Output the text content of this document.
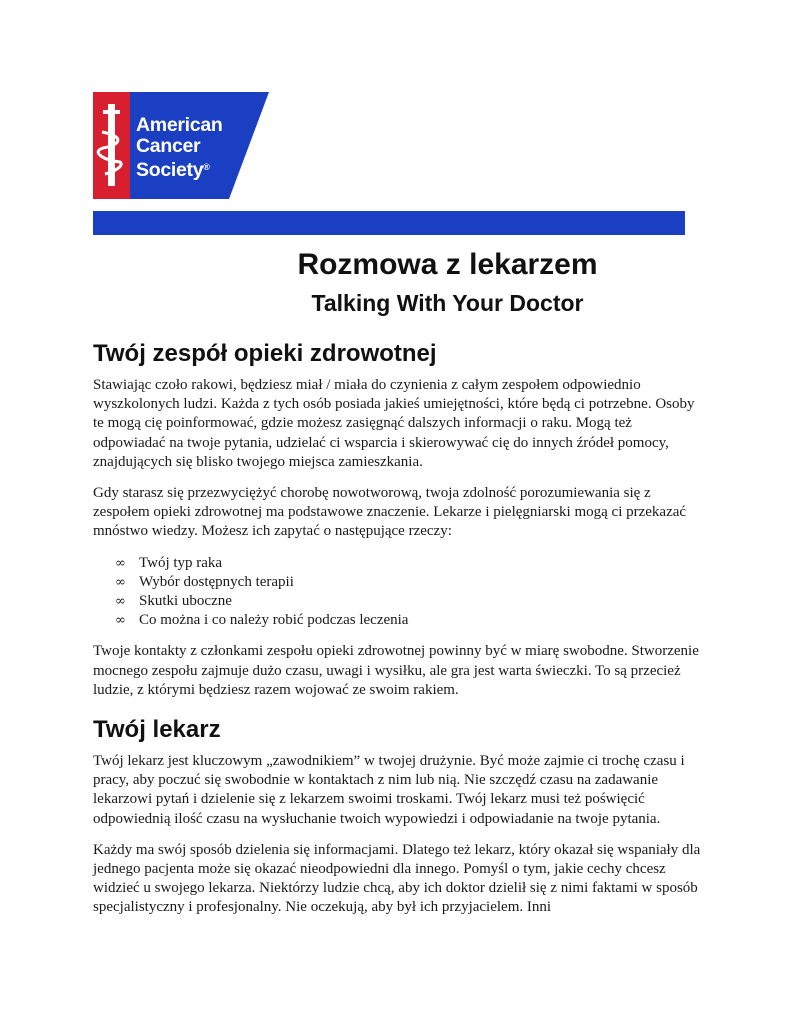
American
Cancer
Society®
Rozmowa z lekarzem
Talking With Your Doctor
Twój zespół opieki zdrowotnej

Stawiając czoło rakowi, będziesz miał / miała do czynienia z całym zespołem odpowiednio wyszkolonych ludzi. Każda z tych osób posiada jakieś umiejętności, które będą ci potrzebne. Osoby te mogą cię poinformować, gdzie możesz zasięgnąć dalszych informacji o raku. Mogą też odpowiadać na twoje pytania, udzielać ci wsparcia i skierowywać cię do innych źródeł pomocy, znajdujących się blisko twojego miejsca zamieszkania.

Gdy starasz się przezwyciężyć chorobę nowotworową, twoja zdolność porozumiewania się z zespołem opieki zdrowotnej ma podstawowe znaczenie. Lekarze i pielęgniarski mogą ci przekazać mnóstwo wiedzy. Możesz ich zapytać o następujące rzeczy:

∞ Twój typ raka
∞ Wybór dostępnych terapii
∞ Skutki uboczne
∞ Co można i co należy robić podczas leczenia

Twoje kontakty z członkami zespołu opieki zdrowotnej powinny być w miarę swobodne. Stworzenie mocnego zespołu zajmuje dużo czasu, uwagi i wysiłku, ale gra jest warta świeczki. To są przecież ludzie, z którymi będziesz razem wojować ze swoim rakiem.

Twój lekarz

Twój lekarz jest kluczowym „zawodnikiem” w twojej drużynie. Być może zajmie ci trochę czasu i pracy, aby poczuć się swobodnie w kontaktach z nim lub nią. Nie szczędź czasu na zadawanie lekarzowi pytań i dzielenie się z lekarzem swoimi troskami. Twój lekarz musi też poświęcić odpowiednią ilość czasu na wysłuchanie twoich wypowiedzi i odpowiadanie na twoje pytania.

Każdy ma swój sposób dzielenia się informacjami. Dlatego też lekarz, który okazał się wspaniały dla jednego pacjenta może się okazać nieodpowiedni dla innego. Pomyśl o tym, jakie cechy chcesz widzieć u swojego lekarza. Niektórzy ludzie chcą, aby ich doktor dzielił się z nimi faktami w sposób specjalistyczny i profesjonalny. Nie oczekują, aby był ich przyjacielem. Inni
